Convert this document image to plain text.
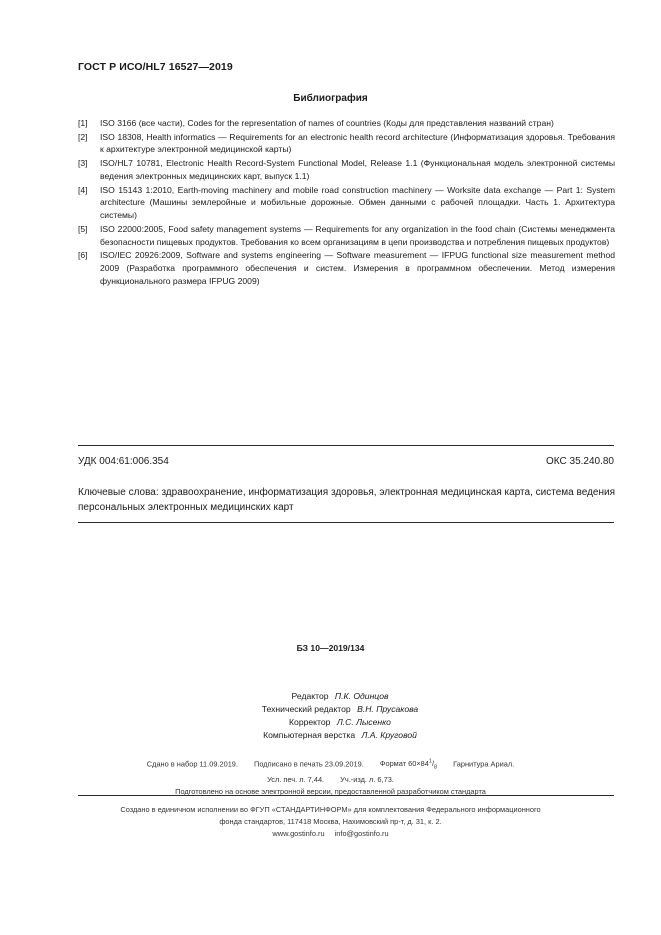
ГОСТ Р ИСО/HL7 16527—2019
Библиография
[1] ISO 3166 (все части), Codes for the representation of names of countries (Коды для представления названий стран)
[2] ISO 18308, Health informatics — Requirements for an electronic health record architecture (Информатизация здоровья. Требования к архитектуре электронной медицинской карты)
[3] ISO/HL7 10781, Electronic Health Record-System Functional Model, Release 1.1 (Функциональная модель электронной системы ведения электронных медицинских карт, выпуск 1.1)
[4] ISO 15143 1:2010, Earth-moving machinery and mobile road construction machinery — Worksite data exchange — Part 1: System architecture (Машины землеройные и мобильные дорожные. Обмен данными с рабочей площадки. Часть 1. Архитектура системы)
[5] ISO 22000:2005, Food safety management systems — Requirements for any organization in the food chain (Системы менеджмента безопасности пищевых продуктов. Требования ко всем организациям в цепи производства и потребления пищевых продуктов)
[6] ISO/IEC 20926:2009, Software and systems engineering — Software measurement — IFPUG functional size measurement method 2009 (Разработка программного обеспечения и систем. Измерения в программном обеспечении. Метод измерения функционального размера IFPUG 2009)
УДК 004:61:006.354	ОКС 35.240.80
Ключевые слова: здравоохранение, информатизация здоровья, электронная медицинская карта, система ведения персональных электронных медицинских карт
БЗ 10—2019/134
Редактор П.К. Одинцов
Технический редактор В.Н. Прусакова
Корректор Л.С. Лысенко
Компьютерная верстка Л.А. Круговой
Сдано в набор 11.09.2019. Подписано в печать 23.09.2019. Формат $60\times 84^1/_8$ Гарнитура Ариал.
Усл. печ. л. 7,44. Уч.-изд. л. 6,73.
Подготовлено на основе электронной версии, предоставленной разработчиком стандарта
Создано в единичном исполнении во ФГУП «СТАНДАРТИНФОРМ» для комплектования Федерального информационного
фонда стандартов, 117418 Москва, Нахимовский пр-т, д. 31, к. 2.
www.gostinfo.ru info@gostinfo.ru
